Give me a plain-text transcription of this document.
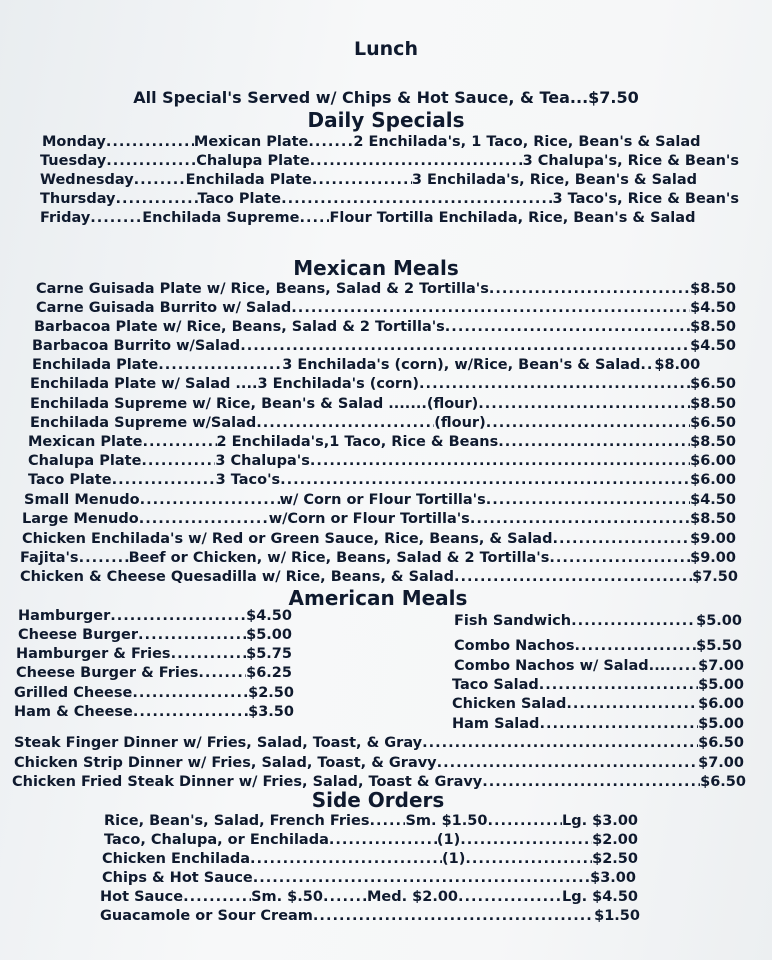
Lunch
All Special's Served w/ Chips & Hot Sauce, & Tea...$7.50
Daily Specials
Monday .....	Mexican Plate .....	2 Enchilada's, 1 Taco, Rice, Bean's & Salad
Tuesday .....	Chalupa Plate .....	3 Chalupa's, Rice & Bean's
Wednesday .....	Enchilada Plate .....	3 Enchilada's, Rice, Bean's & Salad
Thursday .....	Taco Plate .....	3 Taco's, Rice & Bean's
Friday .....	Enchilada Supreme ..... Flour Tortilla Enchilada, Rice, Bean's & Salad
Mexican Meals
Carne Guisada Plate w/ Rice, Beans, Salad & 2 Tortilla's .....	$8.50
Carne Guisada Burrito w/ Salad .....	$4.50
Barbacoa Plate w/ Rice, Beans, Salad & 2 Tortilla's .....	$8.50
Barbacoa Burrito w/Salad .....	$4.50
Enchilada Plate .....	3 Enchilada's (corn), w/Rice, Bean's & Salad ..... $8.00
Enchilada Plate w/ Salad ....3 Enchilada's (corn) .....	$6.50
Enchilada Supreme w/ Rice, Bean's & Salad .......(flour) .....	$8.50
Enchilada Supreme w/Salad .....	(flour) .....	$6.50
Mexican Plate .....	2 Enchilada's,1 Taco, Rice & Beans .....	$8.50
Chalupa Plate .....	3 Chalupa's .....	$6.00
Taco Plate .....	3 Taco's .....	$6.00
Small Menudo .....	w/ Corn or Flour Tortilla's .....	$4.50
Large Menudo .....	w/Corn or Flour Tortilla's .....	$8.50
Chicken Enchilada's w/ Red or Green Sauce, Rice, Beans, & Salad .....	$9.00
Fajita's .....	Beef or Chicken, w/ Rice, Beans, Salad & 2 Tortilla's .....	$9.00
Chicken & Cheese Quesadilla w/ Rice, Beans, & Salad .....	$7.50
American Meals
Hamburger .....	$4.50
Cheese Burger .....	$5.00
Hamburger & Fries .....	$5.75
Cheese Burger & Fries .....	$6.25
Grilled Cheese .....	$2.50
Ham & Cheese .....	$3.50
Fish Sandwich .....	$5.00
Combo Nachos .....	$5.50
Combo Nachos w/ Salad... ..... $7.00
Taco Salad .....	$5.00
Chicken Salad .....	$6.00
Ham Salad .....	$5.00
Steak Finger Dinner w/ Fries, Salad, Toast, & Gray .....	$6.50
Chicken Strip Dinner w/ Fries, Salad, Toast, & Gravy .....	$7.00
Chicken Fried Steak Dinner w/ Fries, Salad, Toast & Gravy .....	$6.50
Side Orders
Rice, Bean's, Salad, French Fries ..... Sm. $1.50 .....	Lg. $3.00
Taco, Chalupa, or Enchilada .....	(1) .....	$2.00
Chicken Enchilada .....	(1) .....	$2.50
Chips & Hot Sauce .....	$3.00
Hot Sauce .....	Sm. $.50 .....	Med. $2.00 .....	Lg. $4.50
Guacamole or Sour Cream .....	$1.50
